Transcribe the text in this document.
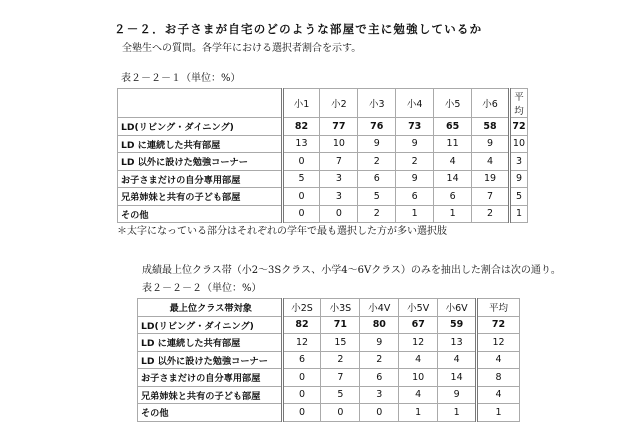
２－２．お子さまが自宅のどのような部屋で主に勉強しているか
全塾生への質問。各学年における選択者割合を示す。
表２－２－１（単位：%）
	小1	小2	小3	小4	小5	小6	平均
LD(リビング・ダイニング)	82	77	76	73	65	58	72
LD に連続した共有部屋	13	10	9	9	11	9	10
LD 以外に設けた勉強コーナー	0	7	2	2	4	4	3
お子さまだけの自分専用部屋	5	3	6	9	14	19	9
兄弟姉妹と共有の子ども部屋	0	3	5	6	6	7	5
その他	0	0	2	1	1	2	1
＊太字になっている部分はそれぞれの学年で最も選択した方が多い選択肢
成績最上位クラス帯（小2～3Sクラス、小学4～6Vクラス）のみを抽出した割合は次の通り。
表２－２－２（単位：%）
最上位クラス帯対象	小2S	小3S	小4V	小5V	小6V	平均
LD(リビング・ダイニング)	82	71	80	67	59	72
LD に連続した共有部屋	12	15	9	12	13	12
LD 以外に設けた勉強コーナー	6	2	2	4	4	4
お子さまだけの自分専用部屋	0	7	6	10	14	8
兄弟姉妹と共有の子ども部屋	0	5	3	4	9	4
その他	0	0	0	1	1	1
